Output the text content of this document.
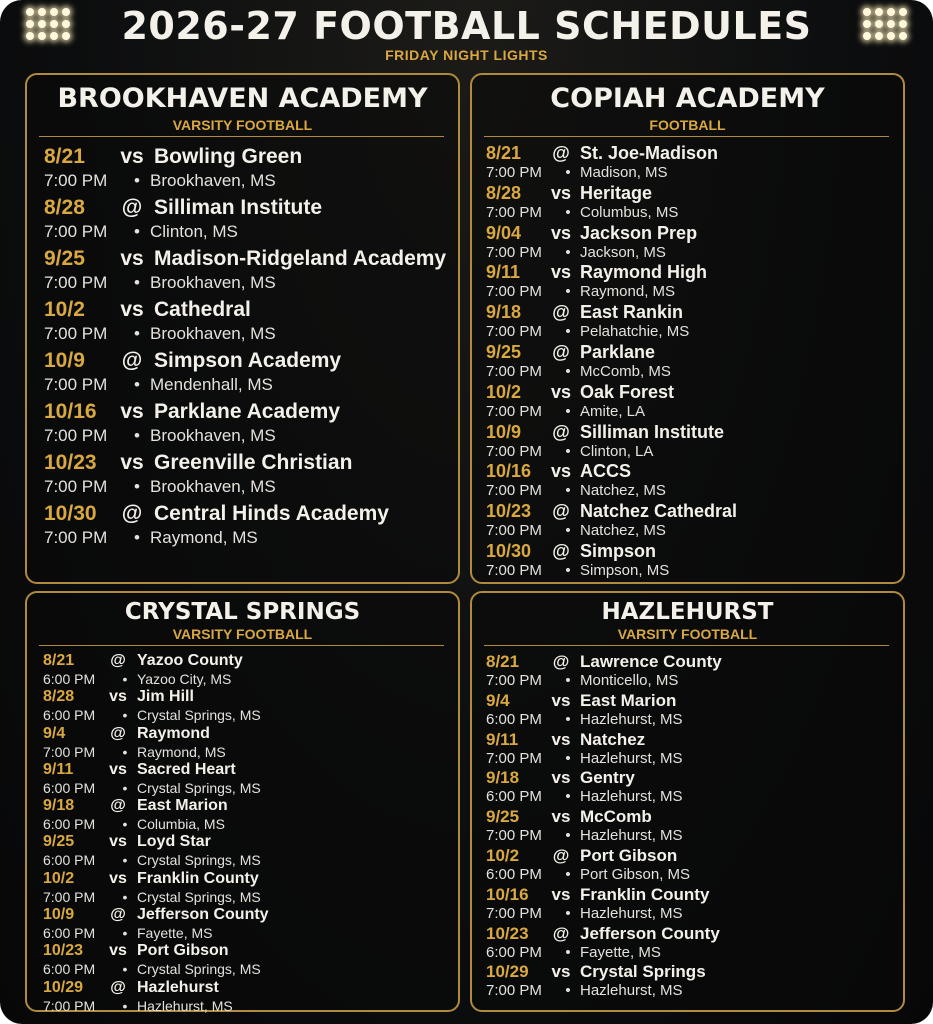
2026-27 FOOTBALL SCHEDULES
FRIDAY NIGHT LIGHTS
BROOKHAVEN ACADEMY
VARSITY FOOTBALL
8/21	vs Bowling Green
7:00 PM	• Brookhaven, MS
8/28	@ Silliman Institute
7:00 PM	• Clinton, MS
9/25	vs Madison-Ridgeland Academy
7:00 PM	• Brookhaven, MS
10/2	vs Cathedral
7:00 PM	• Brookhaven, MS
10/9	@ Simpson Academy
7:00 PM	• Mendenhall, MS
10/16	vs Parklane Academy
7:00 PM	• Brookhaven, MS
10/23	vs Greenville Christian
7:00 PM	• Brookhaven, MS
10/30	@ Central Hinds Academy
7:00 PM	• Raymond, MS
COPIAH ACADEMY
FOOTBALL
8/21	@ St. Joe-Madison
7:00 PM	• Madison, MS
8/28	vs Heritage
7:00 PM	• Columbus, MS
9/04	vs Jackson Prep
7:00 PM	• Jackson, MS
9/11	vs Raymond High
7:00 PM	• Raymond, MS
9/18	@ East Rankin
7:00 PM	• Pelahatchie, MS
9/25	@ Parklane
7:00 PM	• McComb, MS
10/2	vs Oak Forest
7:00 PM	• Amite, LA
10/9	@ Silliman Institute
7:00 PM	• Clinton, LA
10/16	vs ACCS
7:00 PM	• Natchez, MS
10/23	@ Natchez Cathedral
7:00 PM	• Natchez, MS
10/30	@ Simpson
7:00 PM	• Simpson, MS
CRYSTAL SPRINGS
VARSITY FOOTBALL
8/21	@ Yazoo County
6:00 PM	• Yazoo City, MS
8/28	vs Jim Hill
6:00 PM	• Crystal Springs, MS
9/4	@ Raymond
7:00 PM	• Raymond, MS
9/11	vs Sacred Heart
6:00 PM	• Crystal Springs, MS
9/18	@ East Marion
6:00 PM	• Columbia, MS
9/25	vs Loyd Star
6:00 PM	• Crystal Springs, MS
10/2	vs Franklin County
7:00 PM	• Crystal Springs, MS
10/9	@ Jefferson County
6:00 PM	• Fayette, MS
10/23	vs Port Gibson
6:00 PM	• Crystal Springs, MS
10/29	@ Hazlehurst
7:00 PM	• Hazlehurst, MS
HAZLEHURST
VARSITY FOOTBALL
8/21	@ Lawrence County
7:00 PM	• Monticello, MS
9/4	vs East Marion
6:00 PM	• Hazlehurst, MS
9/11	vs Natchez
7:00 PM	• Hazlehurst, MS
9/18	vs Gentry
6:00 PM	• Hazlehurst, MS
9/25	vs McComb
7:00 PM	• Hazlehurst, MS
10/2	@ Port Gibson
6:00 PM	• Port Gibson, MS
10/16	vs Franklin County
7:00 PM	• Hazlehurst, MS
10/23	@ Jefferson County
6:00 PM	• Fayette, MS
10/29	vs Crystal Springs
7:00 PM	• Hazlehurst, MS
